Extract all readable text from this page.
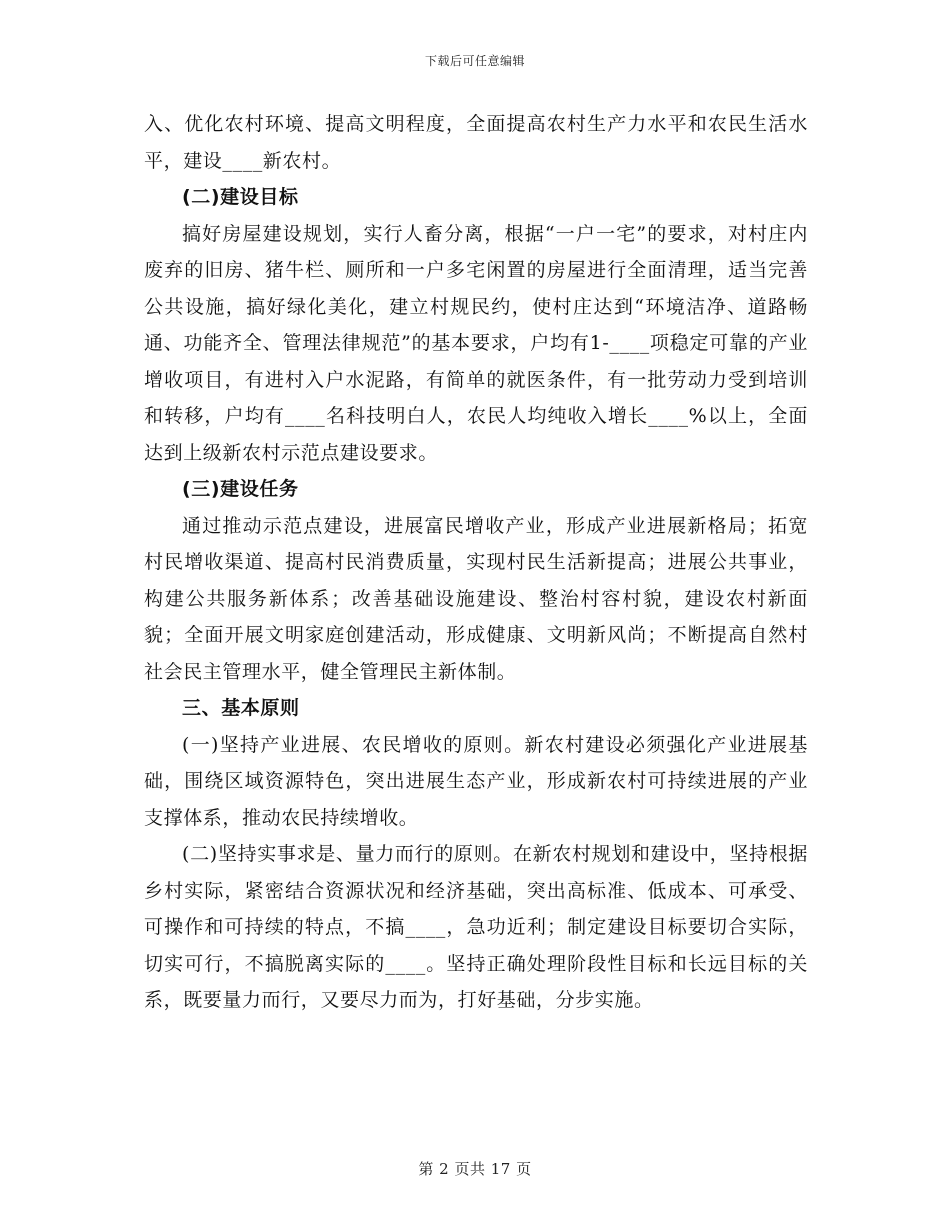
下载后可任意编辑

入、优化农村环境、提高文明程度，全面提高农村生产力水平和农民生活水平，建设____新农村。

(二)建设目标

搞好房屋建设规划，实行人畜分离，根据“一户一宅”的要求，对村庄内废弃的旧房、猪牛栏、厕所和一户多宅闲置的房屋进行全面清理，适当完善公共设施，搞好绿化美化，建立村规民约，使村庄达到“环境洁净、道路畅通、功能齐全、管理法律规范”的基本要求，户均有1-____项稳定可靠的产业增收项目，有进村入户水泥路，有简单的就医条件，有一批劳动力受到培训和转移，户均有____名科技明白人，农民人均纯收入增长____%以上，全面达到上级新农村示范点建设要求。

(三)建设任务

通过推动示范点建设，进展富民增收产业，形成产业进展新格局；拓宽村民增收渠道、提高村民消费质量，实现村民生活新提高；进展公共事业，构建公共服务新体系；改善基础设施建设、整治村容村貌，建设农村新面貌；全面开展文明家庭创建活动，形成健康、文明新风尚；不断提高自然村社会民主管理水平，健全管理民主新体制。

三、基本原则

(一)坚持产业进展、农民增收的原则。新农村建设必须强化产业进展基础，围绕区域资源特色，突出进展生态产业，形成新农村可持续进展的产业支撑体系，推动农民持续增收。

(二)坚持实事求是、量力而行的原则。在新农村规划和建设中，坚持根据乡村实际，紧密结合资源状况和经济基础，突出高标准、低成本、可承受、可操作和可持续的特点，不搞____，急功近利；制定建设目标要切合实际，切实可行，不搞脱离实际的____。坚持正确处理阶段性目标和长远目标的关系，既要量力而行，又要尽力而为，打好基础，分步实施。

第 2 页共 17 页
